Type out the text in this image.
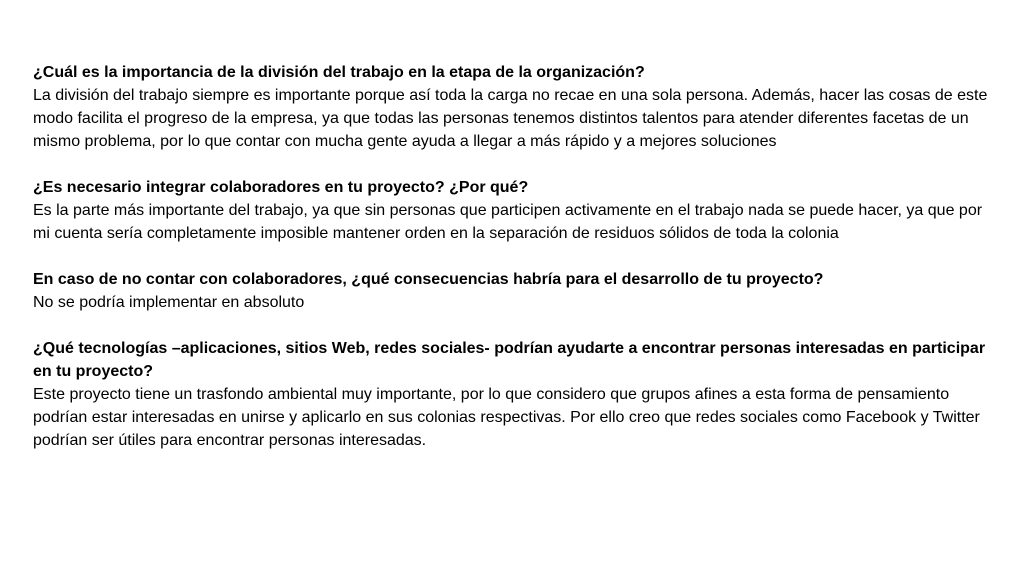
¿Cuál es la importancia de la división del trabajo en la etapa de la organización?

La división del trabajo siempre es importante porque así toda la carga no recae en una sola persona. Además, hacer las cosas de este modo facilita el progreso de la empresa, ya que todas las personas tenemos distintos talentos para atender diferentes facetas de un mismo problema, por lo que contar con mucha gente ayuda a llegar a más rápido y a mejores soluciones

¿Es necesario integrar colaboradores en tu proyecto? ¿Por qué?

Es la parte más importante del trabajo, ya que sin personas que participen activamente en el trabajo nada se puede hacer, ya que por mi cuenta sería completamente imposible mantener orden en la separación de residuos sólidos de toda la colonia

En caso de no contar con colaboradores, ¿qué consecuencias habría para el desarrollo de tu proyecto?

No se podría implementar en absoluto

¿Qué tecnologías –aplicaciones, sitios Web, redes sociales- podrían ayudarte a encontrar personas interesadas en participar en tu proyecto?

Este proyecto tiene un trasfondo ambiental muy importante, por lo que considero que grupos afines a esta forma de pensamiento podrían estar interesadas en unirse y aplicarlo en sus colonias respectivas. Por ello creo que redes sociales como Facebook y Twitter podrían ser útiles para encontrar personas interesadas.
